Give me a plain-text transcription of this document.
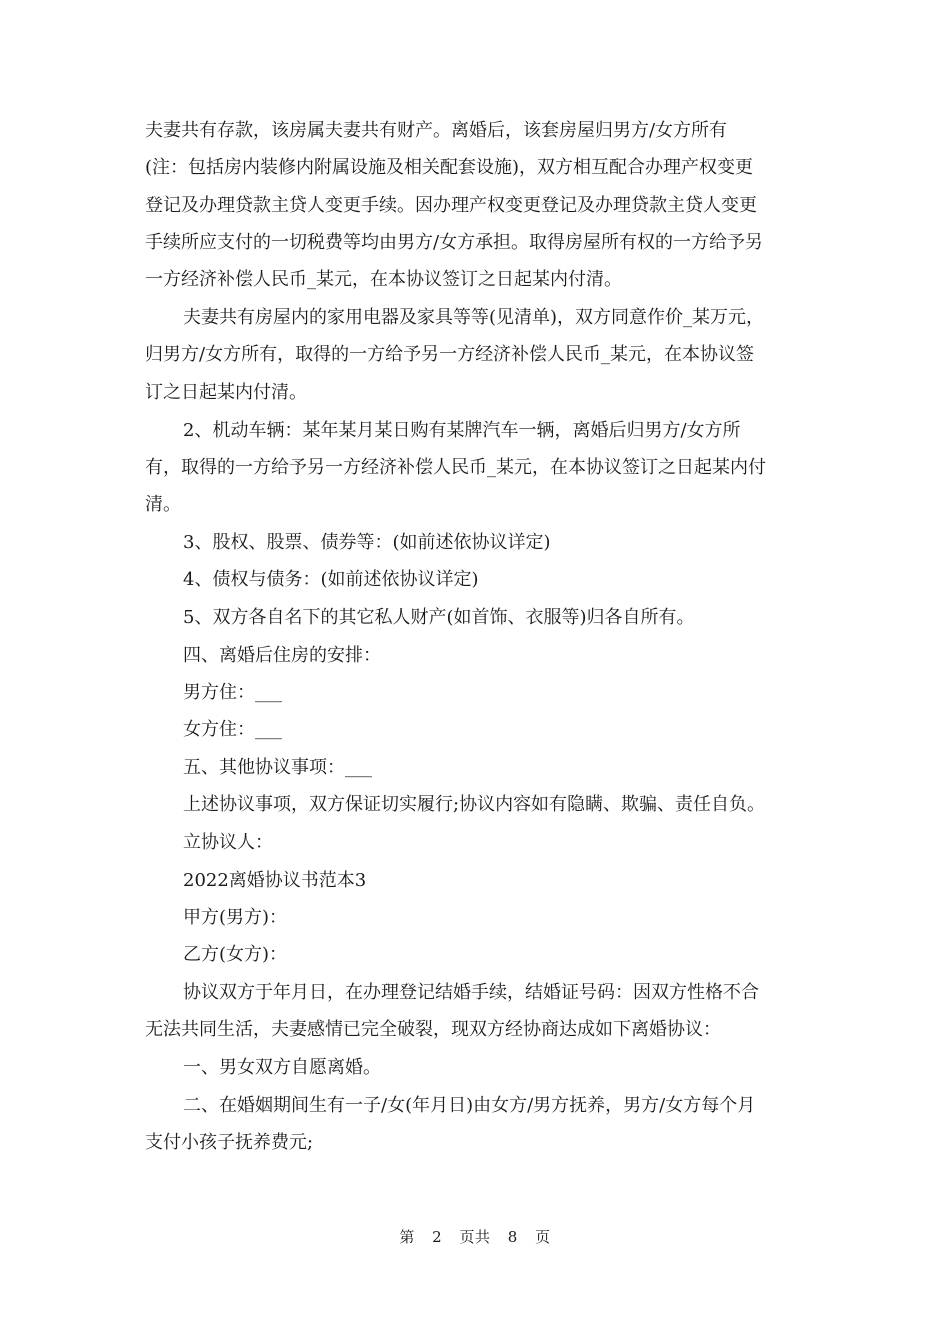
夫妻共有存款，该房属夫妻共有财产。离婚后，该套房屋归男方/女方所有
(注：包括房内装修内附属设施及相关配套设施)，双方相互配合办理产权变更
登记及办理贷款主贷人变更手续。因办理产权变更登记及办理贷款主贷人变更
手续所应支付的一切税费等均由男方/女方承担。取得房屋所有权的一方给予另
一方经济补偿人民币_某元，在本协议签订之日起某内付清。
夫妻共有房屋内的家用电器及家具等等(见清单)，双方同意作价_某万元，
归男方/女方所有，取得的一方给予另一方经济补偿人民币_某元，在本协议签
订之日起某内付清。
2、机动车辆：某年某月某日购有某牌汽车一辆，离婚后归男方/女方所
有，取得的一方给予另一方经济补偿人民币_某元，在本协议签订之日起某内付
清。
3、股权、股票、债券等：(如前述依协议详定)
4、债权与债务：(如前述依协议详定)
5、双方各自名下的其它私人财产(如首饰、衣服等)归各自所有。
四、离婚后住房的安排：
男方住：___
女方住：___
五、其他协议事项：___
上述协议事项，双方保证切实履行;协议内容如有隐瞒、欺骗、责任自负。
立协议人：
2022离婚协议书范本3
甲方(男方)：
乙方(女方)：
协议双方于年月日，在办理登记结婚手续，结婚证号码：因双方性格不合
无法共同生活，夫妻感情已完全破裂，现双方经协商达成如下离婚协议：
一、男女双方自愿离婚。
二、在婚姻期间生有一子/女(年月日)由女方/男方抚养，男方/女方每个月
支付小孩子抚养费元;
第 2 页共 8 页
